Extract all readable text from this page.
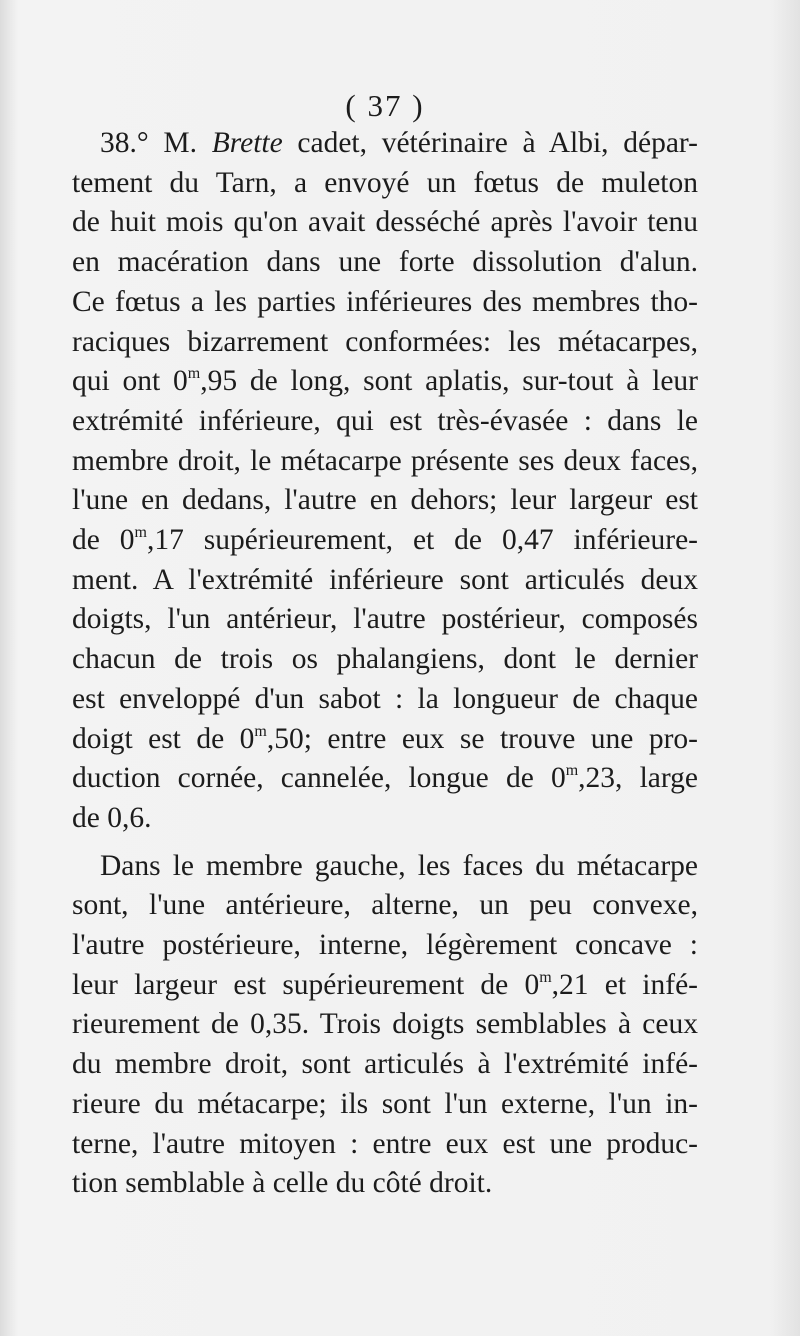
( 37 )
38.° M. Brette cadet, vétérinaire à Albi, dépar-
tement du Tarn, a envoyé un fœtus de muleton
de huit mois qu'on avait desséché après l'avoir tenu
en macération dans une forte dissolution d'alun.
Ce fœtus a les parties inférieures des membres tho-
raciques bizarrement conformées: les métacarpes,
qui ont 0$^m$,95 de long, sont aplatis, sur-tout à leur
extrémité inférieure, qui est très-évasée : dans le
membre droit, le métacarpe présente ses deux faces,
l'une en dedans, l'autre en dehors; leur largeur est
de 0$^m$,17 supérieurement, et de 0,47 inférieure-
ment. A l'extrémité inférieure sont articulés deux
doigts, l'un antérieur, l'autre postérieur, composés
chacun de trois os phalangiens, dont le dernier
est enveloppé d'un sabot : la longueur de chaque
doigt est de 0$^m$,50; entre eux se trouve une pro-
duction cornée, cannelée, longue de 0$^m$,23, large
de 0,6.
Dans le membre gauche, les faces du métacarpe
sont, l'une antérieure, alterne, un peu convexe,
l'autre postérieure, interne, légèrement concave :
leur largeur est supérieurement de 0$^m$,21 et infé-
rieurement de 0,35. Trois doigts semblables à ceux
du membre droit, sont articulés à l'extrémité infé-
rieure du métacarpe; ils sont l'un externe, l'un in-
terne, l'autre mitoyen : entre eux est une produc-
tion semblable à celle du côté droit.
